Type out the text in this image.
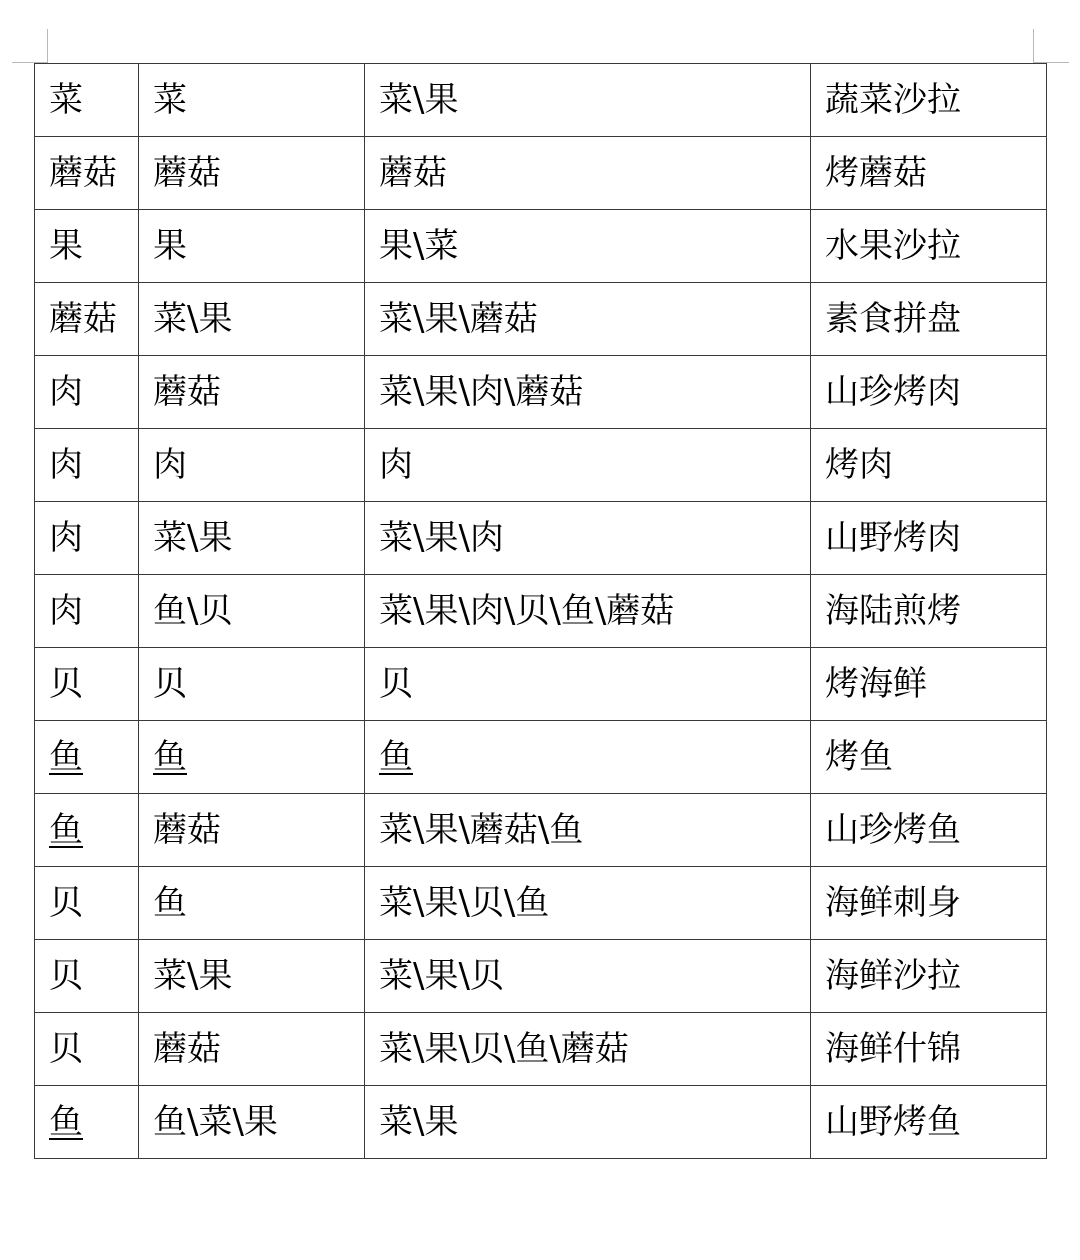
菜	菜	菜\果	蔬菜沙拉
蘑菇	蘑菇	蘑菇	烤蘑菇
果	果	果\菜	水果沙拉
蘑菇	菜\果	菜\果\蘑菇	素食拼盘
肉	蘑菇	菜\果\肉\蘑菇	山珍烤肉
肉	肉	肉	烤肉
肉	菜\果	菜\果\肉	山野烤肉
肉	鱼\贝	菜\果\肉\贝\鱼\蘑菇	海陆煎烤
贝	贝	贝	烤海鲜
鱼	鱼	鱼	烤鱼
鱼	蘑菇	菜\果\蘑菇\鱼	山珍烤鱼
贝	鱼	菜\果\贝\鱼	海鲜刺身
贝	菜\果	菜\果\贝	海鲜沙拉
贝	蘑菇	菜\果\贝\鱼\蘑菇	海鲜什锦
鱼	鱼\菜\果	菜\果	山野烤鱼
